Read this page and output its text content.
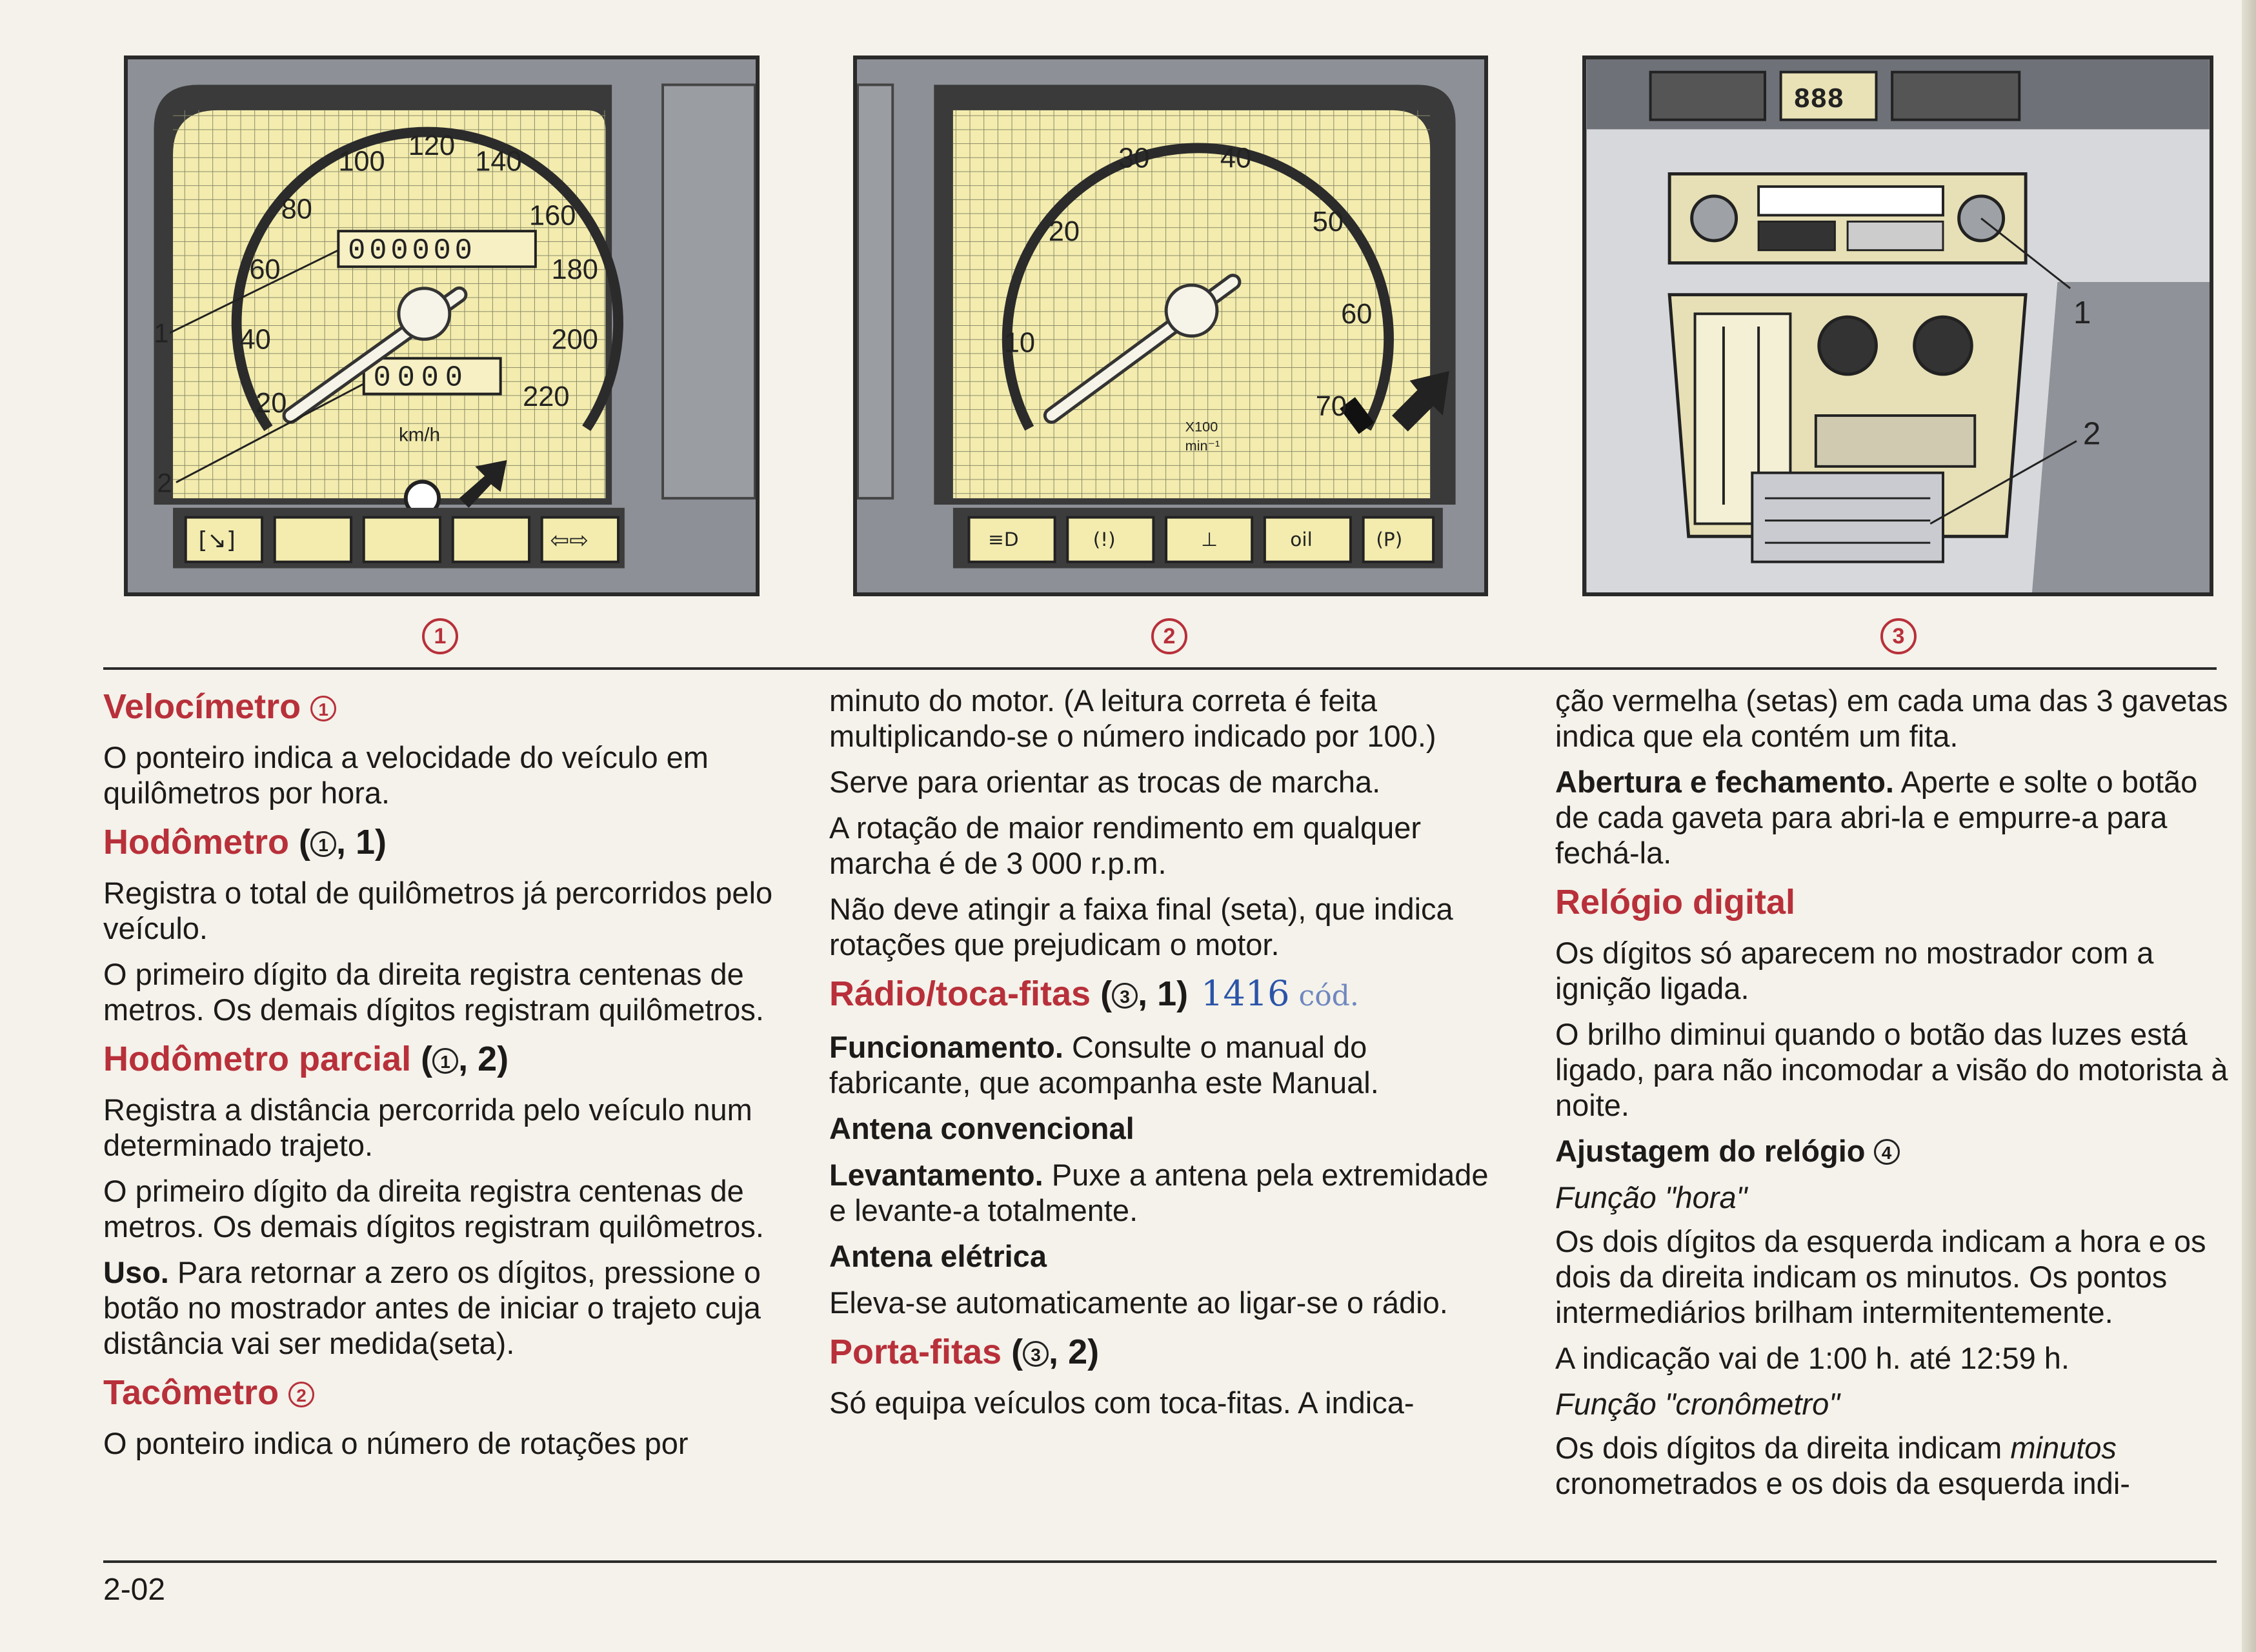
20
40
60
80
100
120
140
160
180
200
220
000000
0000
km/h
1
2
[↘]	⇦⇨
1
10
20
30 40
50
60
70
X100
min⁻¹
≡D	(!)	⊥	oil	(P)
2
888
1
2
3
Velocímetro 1

O ponteiro indica a velocidade do veículo em quilômetros por hora.

Hodômetro ( 1 , 1)

Registra o total de quilômetros já percorridos pelo veículo.

O primeiro dígito da direita registra centenas de metros. Os demais dígitos registram quilômetros.

Hodômetro parcial ( 1 , 2)

Registra a distância percorrida pelo veículo num determinado trajeto.

O primeiro dígito da direita registra centenas de metros. Os demais dígitos registram quilômetros.

Uso. Para retornar a zero os dígitos, pressione o botão no mostrador antes de iniciar o trajeto cuja distância vai ser medida(seta).

Tacômetro 2

O ponteiro indica o número de rotações por

minuto do motor. (A leitura correta é feita multiplicando-se o número indicado por 100.)

Serve para orientar as trocas de marcha.

A rotação de maior rendimento em qualquer marcha é de 3 000 r.p.m.

Não deve atingir a faixa final (seta), que indica rotações que prejudicam o motor.

Rádio/toca-fitas ( 3 , 1) 1416 cód.

Funcionamento. Consulte o manual do fabricante, que acompanha este Manual.

Antena convencional

Levantamento. Puxe a antena pela extremidade e levante-a totalmente.

Antena elétrica

Eleva-se automaticamente ao ligar-se o rádio.

Porta-fitas ( 3 , 2)

Só equipa veículos com toca-fitas. A indica-

ção vermelha (setas) em cada uma das 3 gavetas indica que ela contém um fita.

Abertura e fechamento. Aperte e solte o botão de cada gaveta para abri-la e empurre-a para fechá-la.

Relógio digital

Os dígitos só aparecem no mostrador com a ignição ligada.

O brilho diminui quando o botão das luzes está ligado, para não incomodar a visão do motorista à noite.

Ajustagem do relógio 4
Função "hora"

Os dois dígitos da esquerda indicam a hora e os dois da direita indicam os minutos. Os pontos intermediários brilham intermitentemente.

A indicação vai de 1:00 h. até 12:59 h.

Função "cronômetro"

Os dois dígitos da direita indicam minutos cronometrados e os dois da esquerda indi-

2-02
